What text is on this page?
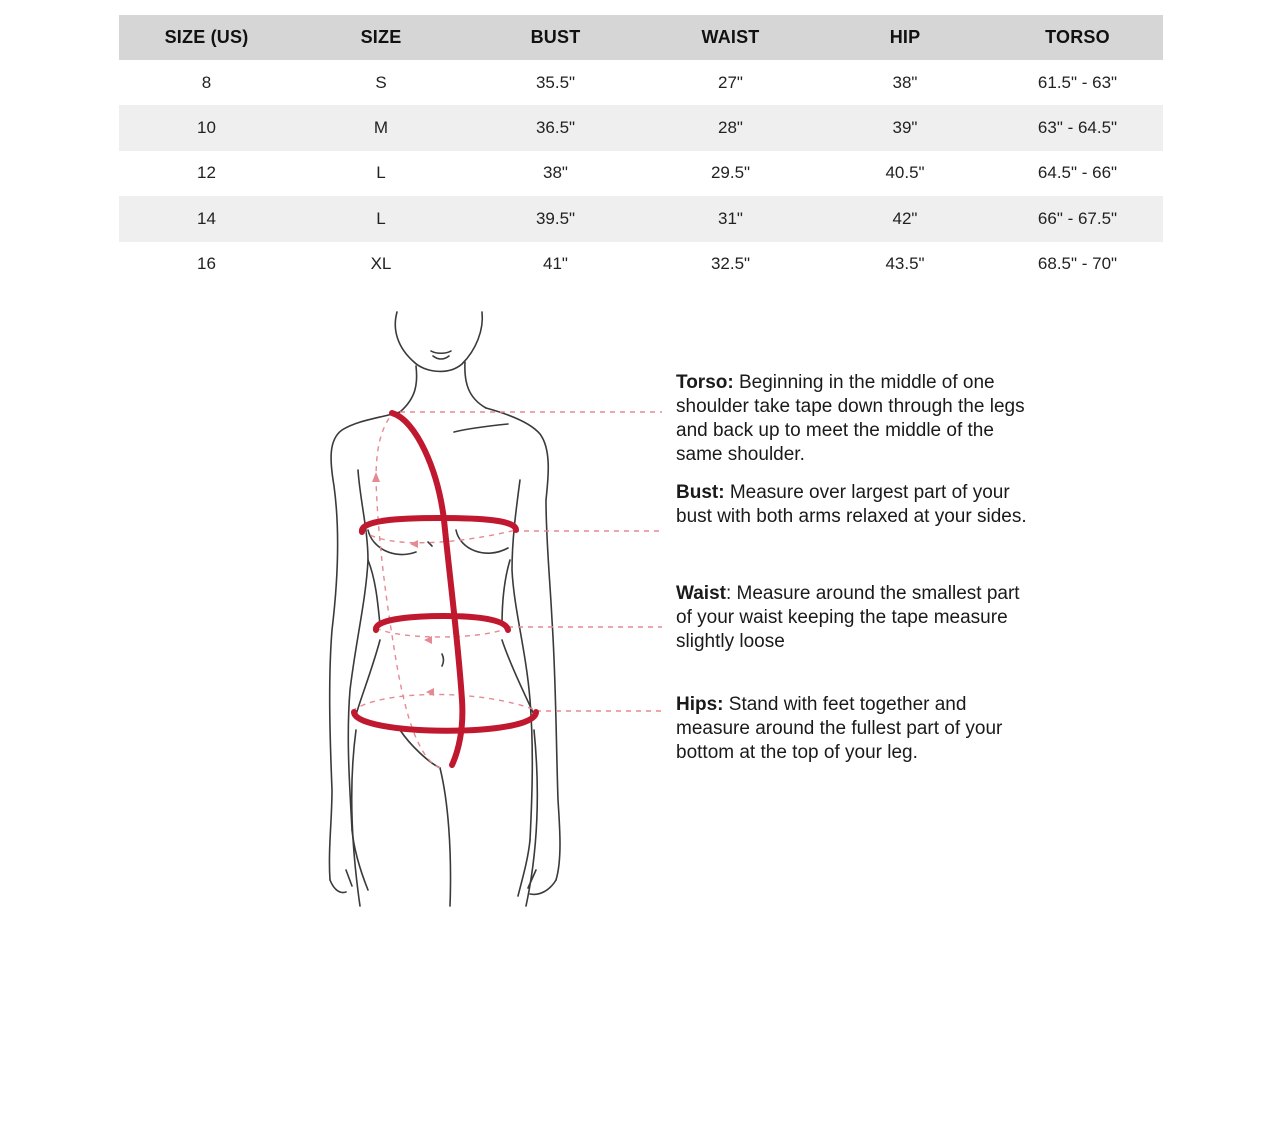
SIZE (US)	SIZE	BUST	WAIST	HIP	TORSO
8	S	35.5"	27"	38"	61.5" - 63"
10	M	36.5"	28"	39"	63" - 64.5"
12	L	38"	29.5"	40.5"	64.5" - 66"
14	L	39.5"	31"	42"	66" - 67.5"
16	XL	41"	32.5"	43.5"	68.5" - 70"

Torso: Beginning in the middle of one shoulder take tape down through the legs and back up to meet the middle of the same shoulder.

Bust: Measure over largest part of your bust with both arms relaxed at your sides.

Waist: Measure around the smallest part of your waist keeping the tape measure slightly loose

Hips: Stand with feet together and measure around the fullest part of your bottom at the top of your leg.
